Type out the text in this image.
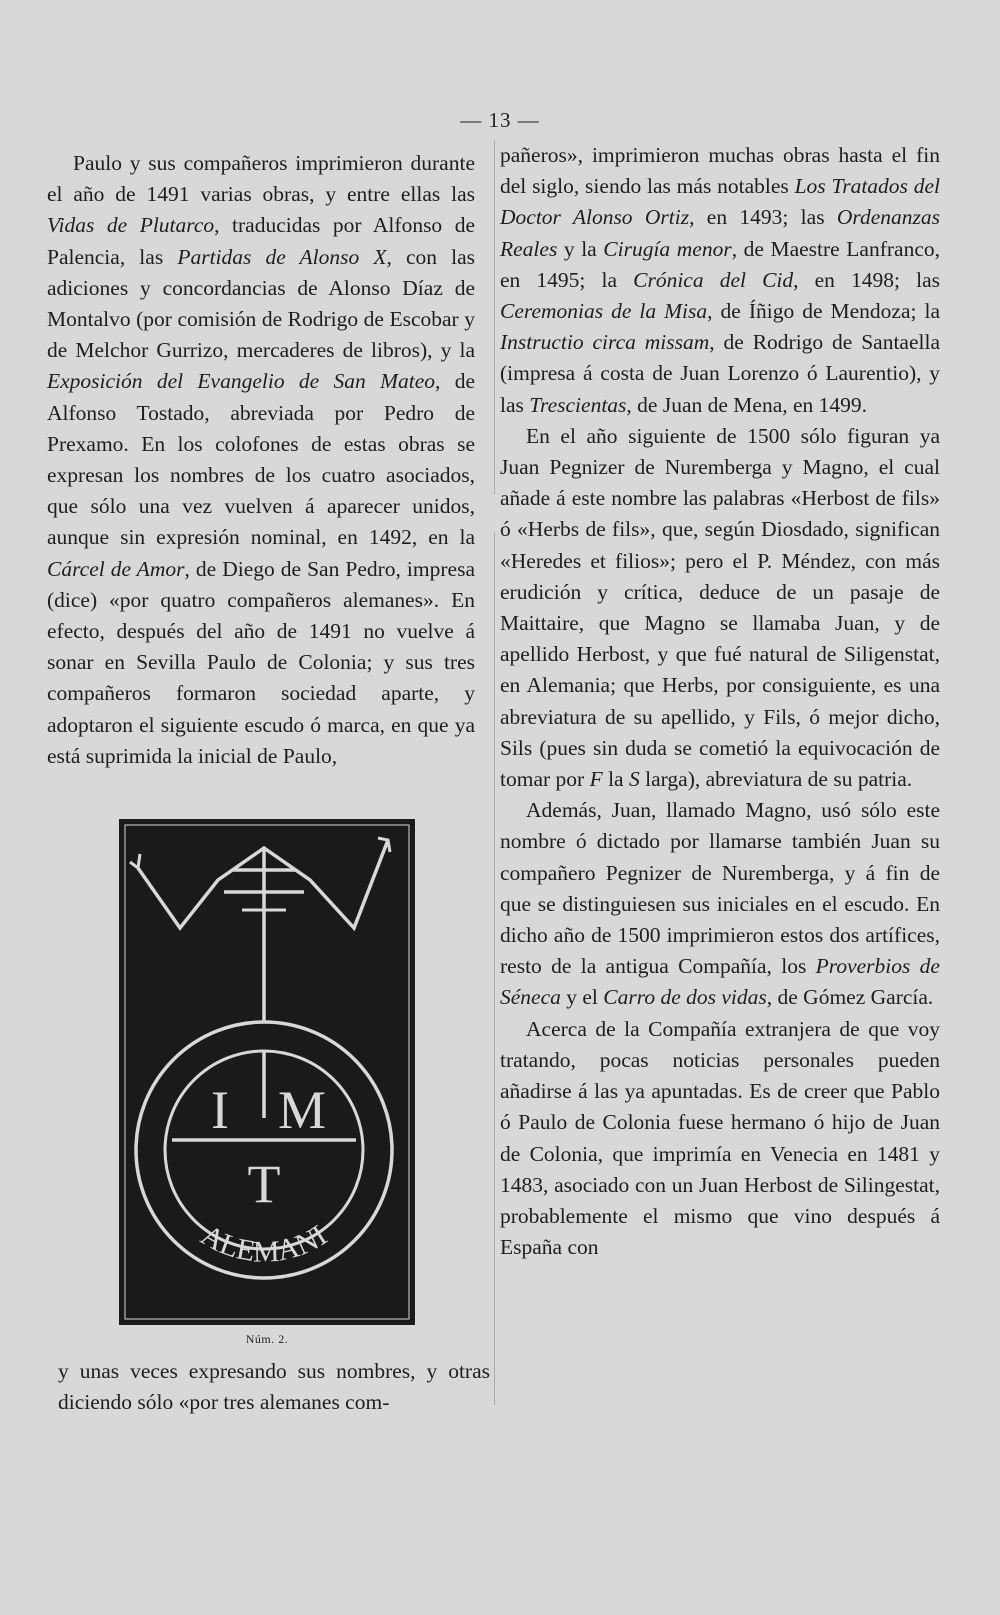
— 13 —

Paulo y sus compañeros imprimieron durante el año de 1491 varias obras, y entre ellas las Vidas de Plutarco, traducidas por Alfonso de Palencia, las Partidas de Alonso X, con las adiciones y concordancias de Alonso Díaz de Montalvo (por comisión de Rodrigo de Escobar y de Melchor Gurrizo, mercaderes de libros), y la Exposición del Evangelio de San Mateo, de Alfonso Tostado, abreviada por Pedro de Prexamo. En los colofones de estas obras se expresan los nombres de los cuatro asociados, que sólo una vez vuelven á aparecer unidos, aunque sin expresión nominal, en 1492, en la Cárcel de Amor, de Diego de San Pedro, impresa (dice) «por quatro compañeros alemanes». En efecto, después del año de 1491 no vuelve á sonar en Sevilla Paulo de Colonia; y sus tres compañeros formaron sociedad aparte, y adoptaron el siguiente escudo ó marca, en que ya está suprimida la inicial de Paulo,

I M
T
ALEMANI
Núm. 2.

y unas veces expresando sus nombres, y otras diciendo sólo «por tres alemanes com-

pañeros», imprimieron muchas obras hasta el fin del siglo, siendo las más notables Los Tratados del Doctor Alonso Ortiz, en 1493; las Ordenanzas Reales y la Cirugía menor, de Maestre Lanfranco, en 1495; la Crónica del Cid, en 1498; las Ceremonias de la Misa, de Íñigo de Mendoza; la Instructio circa missam, de Rodrigo de Santaella (impresa á costa de Juan Lorenzo ó Laurentio), y las Trescientas, de Juan de Mena, en 1499.

En el año siguiente de 1500 sólo figuran ya Juan Pegnizer de Nuremberga y Magno, el cual añade á este nombre las palabras «Herbost de fils» ó «Herbs de fils», que, según Diosdado, significan «Heredes et filios»; pero el P. Méndez, con más erudición y crítica, deduce de un pasaje de Maittaire, que Magno se llamaba Juan, y de apellido Herbost, y que fué natural de Siligenstat, en Alemania; que Herbs, por consiguiente, es una abreviatura de su apellido, y Fils, ó mejor dicho, Sils (pues sin duda se cometió la equivocación de tomar por F la S larga), abreviatura de su patria.

Además, Juan, llamado Magno, usó sólo este nombre ó dictado por llamarse también Juan su compañero Pegnizer de Nuremberga, y á fin de que se distinguiesen sus iniciales en el escudo. En dicho año de 1500 imprimieron estos dos artífices, resto de la antigua Compañía, los Proverbios de Séneca y el Carro de dos vidas, de Gómez García.

Acerca de la Compañía extranjera de que voy tratando, pocas noticias personales pueden añadirse á las ya apuntadas. Es de creer que Pablo ó Paulo de Colonia fuese hermano ó hijo de Juan de Colonia, que imprimía en Venecia en 1481 y 1483, asociado con un Juan Herbost de Silingestat, probablemente el mismo que vino después á España con
